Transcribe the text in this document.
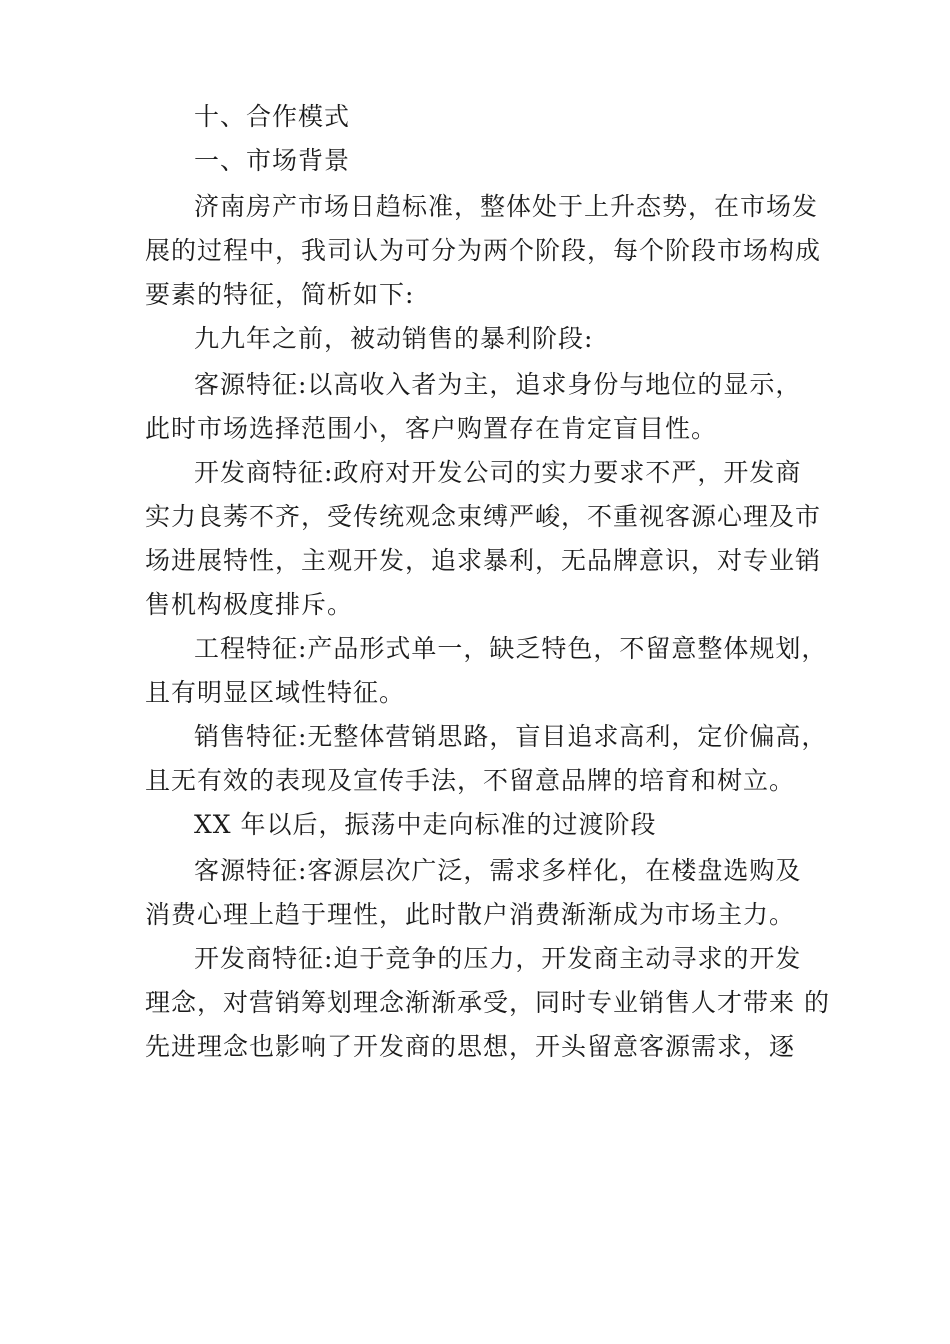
十、合作模式
一、市场背景
济南房产市场日趋标准，整体处于上升态势，在市场发
展的过程中，我司认为可分为两个阶段，每个阶段市场构成
要素的特征，简析如下:
九九年之前，被动销售的暴利阶段:
客源特征:以高收入者为主，追求身份与地位的显示，
此时市场选择范围小，客户购置存在肯定盲目性。
开发商特征:政府对开发公司的实力要求不严，开发商
实力良莠不齐，受传统观念束缚严峻，不重视客源心理及市
场进展特性，主观开发，追求暴利，无品牌意识，对专业销
售机构极度排斥。
工程特征:产品形式单一，缺乏特色，不留意整体规划，
且有明显区域性特征。
销售特征:无整体营销思路，盲目追求高利，定价偏高，
且无有效的表现及宣传手法，不留意品牌的培育和树立。
XX 年以后，振荡中走向标准的过渡阶段
客源特征:客源层次广泛，需求多样化，在楼盘选购及
消费心理上趋于理性，此时散户消费渐渐成为市场主力。
开发商特征:迫于竞争的压力，开发商主动寻求的开发
理念，对营销筹划理念渐渐承受，同时专业销售人才带来 的
先进理念也影响了开发商的思想，开头留意客源需求，逐
